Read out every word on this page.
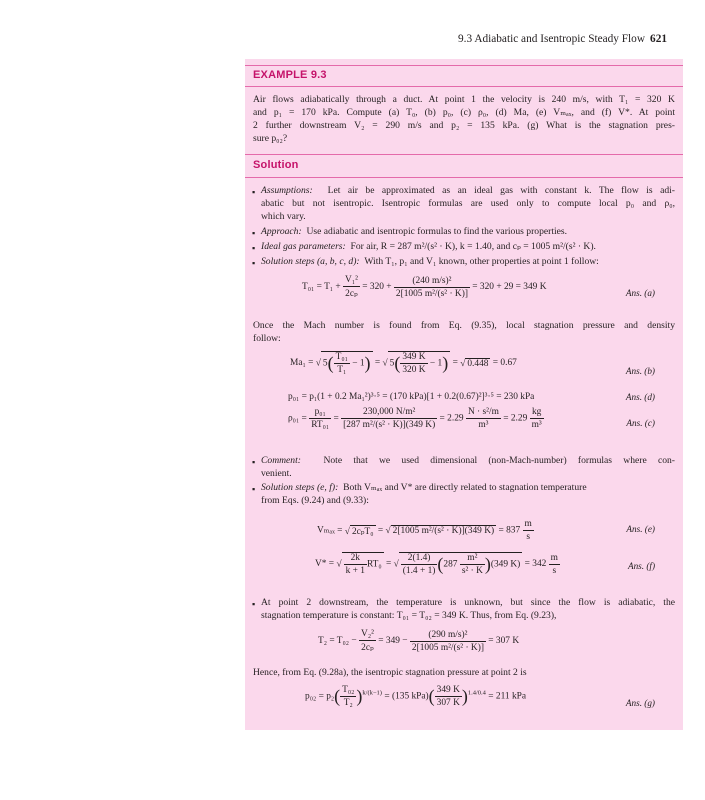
9.3 Adiabatic and Isentropic Steady Flow 621
EXAMPLE 9.3
Air flows adiabatically through a duct. At point 1 the velocity is 240 m/s, with T₁ = 320 K
and p₁ = 170 kPa. Compute (a) T₀, (b) p₀, (c) ρ₀, (d) Ma, (e) Vₘₐₓ, and (f) V*. At point
2 further downstream V₂ = 290 m/s and p₂ = 135 kPa. (g) What is the stagnation pres-
sure p₀₂?
Solution
▪ Assumptions: Let air be approximated as an ideal gas with constant k. The flow is adi-
abatic but not isentropic. Isentropic formulas are used only to compute local p₀ and ρ₀,
which vary.
▪ Approach: Use adiabatic and isentropic formulas to find the various properties.
▪ Ideal gas parameters: For air, R = 287 m²/(s² · K), k = 1.40, and cₚ = 1005 m²/(s² · K).
▪ Solution steps (a, b, c, d): With T₁, p₁ and V₁ known, other properties at point 1 follow:
$T_{01} = T_1 + \frac{\text{V₁²}}{\text{2cₚ}} = 320 + \frac{\text{(240 m/s)²}}{\text{2[1005 m²/(s² · K)]}} = 320 + 29 = 349$ K
Ans. (a)
Once the Mach number is found from Eq. (9.35), local stagnation pressure and density
follow:
Ma₁ = √ $5( \frac{\text{T₀₁}}{\text{T₁}} - 1)$ = √ $5( \frac{349 K}{320 K} - 1)$ = √ 0.448 = 0.67
Ans. (b)
p₀₁ = p₁(1 + 0.2 Ma₁²)³·⁵ = (170 kPa)[1 + 0.2(0.67)²]³·⁵ = 230 kPa	Ans. (d)
$\rho_{01} = \frac{\text{p₀₁}}{\text{RT₀₁}} = \frac{\text{230,000 N/m²}}{\text{[287 m²/(s² · K)](349 K)}} = 2.29 \frac{\text{N · s²/m}}{\text{m³}} = 2.29 \frac{kg}{\text{m³}}$	Ans. (c)
▪ Comment: Note that we used dimensional (non-Mach-number) formulas where con-
venient.
▪ Solution steps (e, f): Both Vₘₐₓ and V* are directly related to stagnation temperature
from Eqs. (9.24) and (9.33):
Vₘₐₓ = √ 2cₚT₀ = √ 2[1005 m²/(s² · K)](349 $K) = 837 \frac{m}{s}$	Ans. (e)
V* = √ $\frac{2k}{k + 1} RT_0$ = √ $\frac{2(1.4)}{(1.4 + 1)} (287 \frac{\text{m²}}{\text{s² · K}} )(349$ $K) = 342 \frac{m}{s}$	Ans. (f)
▪ At point 2 downstream, the temperature is unknown, but since the flow is adiabatic, the
stagnation temperature is constant: T₀₁ = T₀₂ = 349 K. Thus, from Eq. (9.23),
$T_2 = T_{02} - \frac{\text{V₂²}}{\text{2cₚ}} = 349 - \frac{\text{(290 m/s)²}}{\text{2[1005 m²/(s² · K)]}} = 307$ K
Hence, from Eq. (9.28a), the isentropic stagnation pressure at point 2 is
$p_{02} = p_2( \frac{\text{T₀₂}}{\text{T₂}} )^{k/(k-1)} = (135$ $kPa)( \frac{349 K}{307 K} )^{1.4/0.4} = 211$ kPa
Ans. (g)
